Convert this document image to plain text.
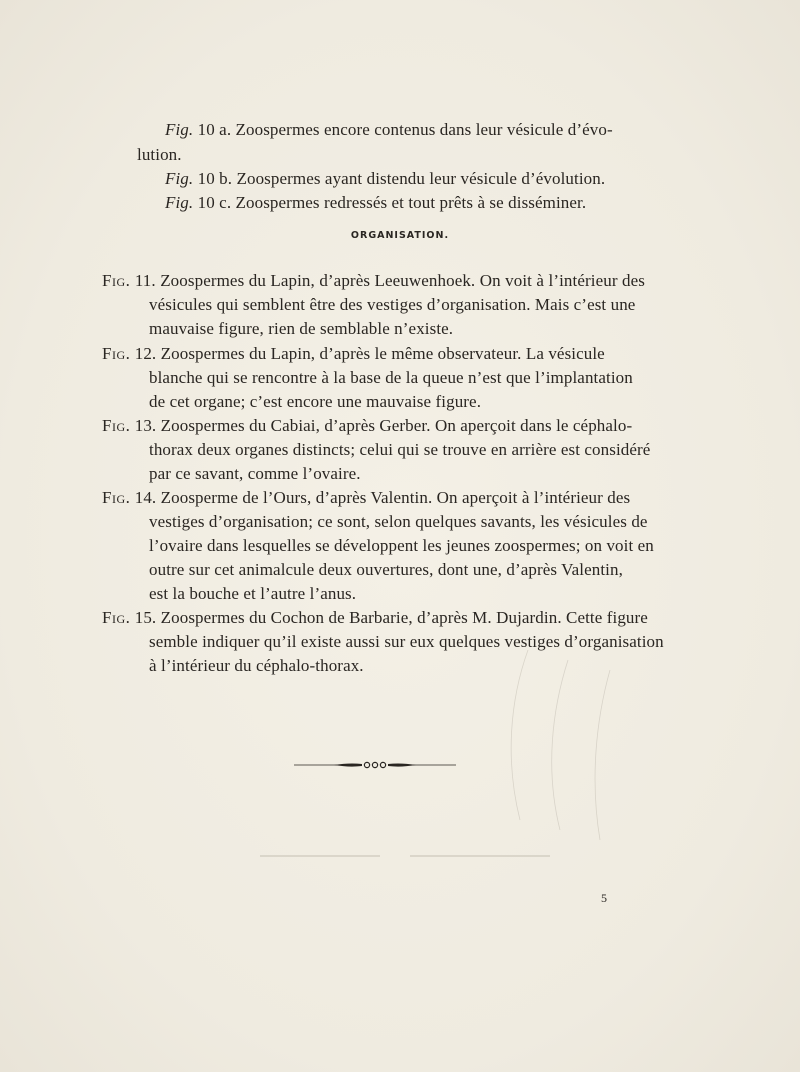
Fig. 10 a. Zoospermes encore contenus dans leur vésicule d’évo-
lution.
Fig. 10 b. Zoospermes ayant distendu leur vésicule d’évolution.
Fig. 10 c. Zoospermes redressés et tout prêts à se disséminer.
ORGANISATION.
Fig. 11. Zoospermes du Lapin, d’après Leeuwenhoek. On voit à l’intérieur des
vésicules qui semblent être des vestiges d’organisation. Mais c’est une
mauvaise figure, rien de semblable n’existe.
Fig. 12. Zoospermes du Lapin, d’après le même observateur. La vésicule
blanche qui se rencontre à la base de la queue n’est que l’implantation
de cet organe; c’est encore une mauvaise figure.
Fig. 13. Zoospermes du Cabiai, d’après Gerber. On aperçoit dans le céphalo-
thorax deux organes distincts; celui qui se trouve en arrière est considéré
par ce savant, comme l’ovaire.
Fig. 14. Zoosperme de l’Ours, d’après Valentin. On aperçoit à l’intérieur des
vestiges d’organisation; ce sont, selon quelques savants, les vésicules de
l’ovaire dans lesquelles se développent les jeunes zoospermes; on voit en
outre sur cet animalcule deux ouvertures, dont une, d’après Valentin,
est la bouche et l’autre l’anus.
Fig. 15. Zoospermes du Cochon de Barbarie, d’après M. Dujardin. Cette figure
semble indiquer qu’il existe aussi sur eux quelques vestiges d’organisation
à l’intérieur du céphalo-thorax.
5
